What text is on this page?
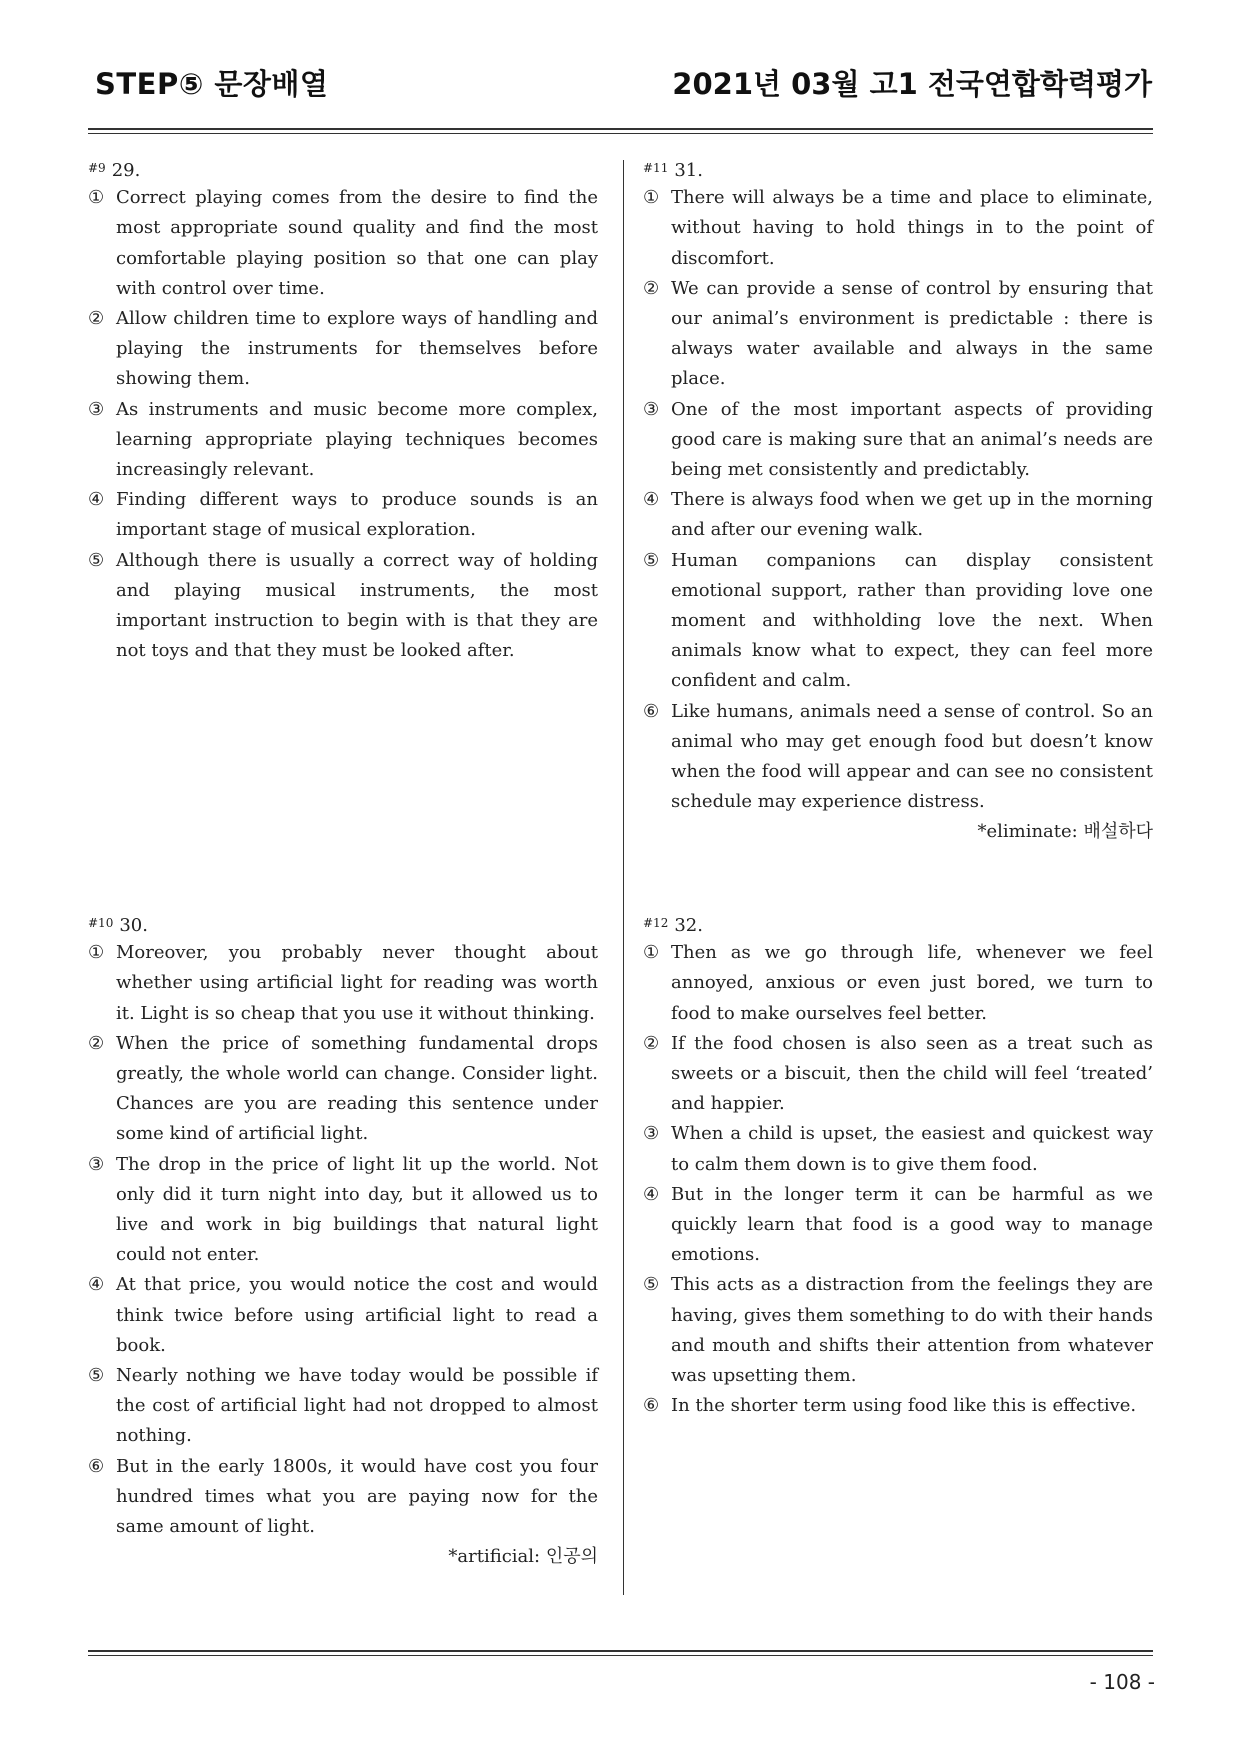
STEP⑤ 문장배열	2021년 03월 고1 전국연합학력평가
$^{\#9}$ 29.
① Correct playing comes from the desire to find the most appropriate sound quality and find the most comfortable playing position so that one can play with control over time.
② Allow children time to explore ways of handling and playing the instruments for themselves before showing them.
③ As instruments and music become more complex, learning appropriate playing techniques becomes increasingly relevant.
④ Finding different ways to produce sounds is an important stage of musical exploration.
⑤ Although there is usually a correct way of holding and playing musical instruments, the most important instruction to begin with is that they are not toys and that they must be looked after.
$^{\#11}$ 31.
① There will always be a time and place to eliminate, without having to hold things in to the point of discomfort.
② We can provide a sense of control by ensuring that our animal’s environment is predictable : there is always water available and always in the same place.
③ One of the most important aspects of providing good care is making sure that an animal’s needs are being met consistently and predictably.
④ There is always food when we get up in the morning and after our evening walk.
⑤ Human companions can display consistent emotional support, rather than providing love one moment and withholding love the next. When animals know what to expect, they can feel more confident and calm.
⑥ Like humans, animals need a sense of control. So an animal who may get enough food but doesn’t know when the food will appear and can see no consistent schedule may experience distress.
*eliminate: 배설하다
$^{\#10}$ 30.
① Moreover, you probably never thought about whether using artificial light for reading was worth it. Light is so cheap that you use it without thinking.
② When the price of something fundamental drops greatly, the whole world can change. Consider light. Chances are you are reading this sentence under some kind of artificial light.
③ The drop in the price of light lit up the world. Not only did it turn night into day, but it allowed us to live and work in big buildings that natural light could not enter.
④ At that price, you would notice the cost and would think twice before using artificial light to read a book.
⑤ Nearly nothing we have today would be possible if the cost of artificial light had not dropped to almost nothing.
⑥ But in the early 1800s, it would have cost you four hundred times what you are paying now for the same amount of light.
*artificial: 인공의
$^{\#12}$ 32.
① Then as we go through life, whenever we feel annoyed, anxious or even just bored, we turn to food to make ourselves feel better.
② If the food chosen is also seen as a treat such as sweets or a biscuit, then the child will feel ‘treated’ and happier.
③ When a child is upset, the easiest and quickest way to calm them down is to give them food.
④ But in the longer term it can be harmful as we quickly learn that food is a good way to manage emotions.
⑤ This acts as a distraction from the feelings they are having, gives them something to do with their hands and mouth and shifts their attention from whatever was upsetting them.
⑥ In the shorter term using food like this is effective.
- 108 -
